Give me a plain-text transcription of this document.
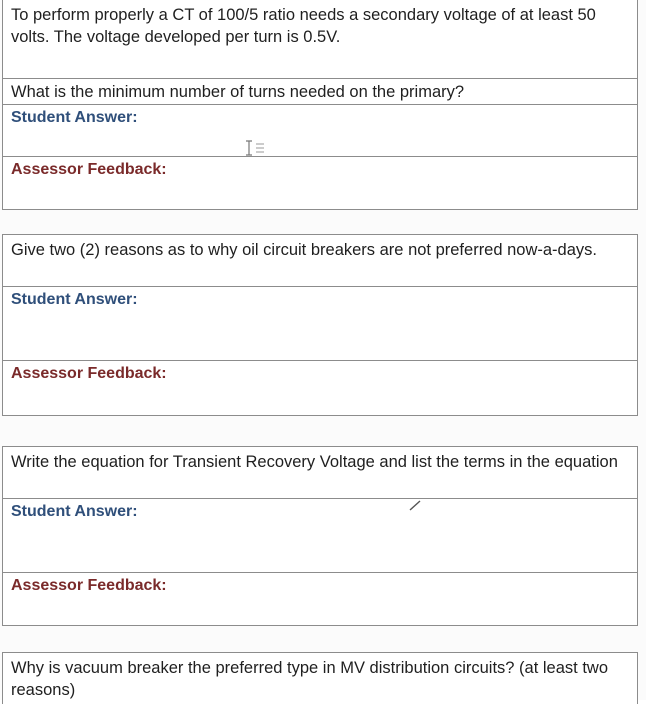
To perform properly a CT of 100/5 ratio needs a secondary voltage of at least 50 volts. The voltage developed per turn is 0.5V.
What is the minimum number of turns needed on the primary?
Student Answer:
Assessor Feedback:
Give two (2) reasons as to why oil circuit breakers are not preferred now-a-days.
Student Answer:
Assessor Feedback:
Write the equation for Transient Recovery Voltage and list the terms in the equation
Student Answer:
Assessor Feedback:
Why is vacuum breaker the preferred type in MV distribution circuits? (at least two reasons)
